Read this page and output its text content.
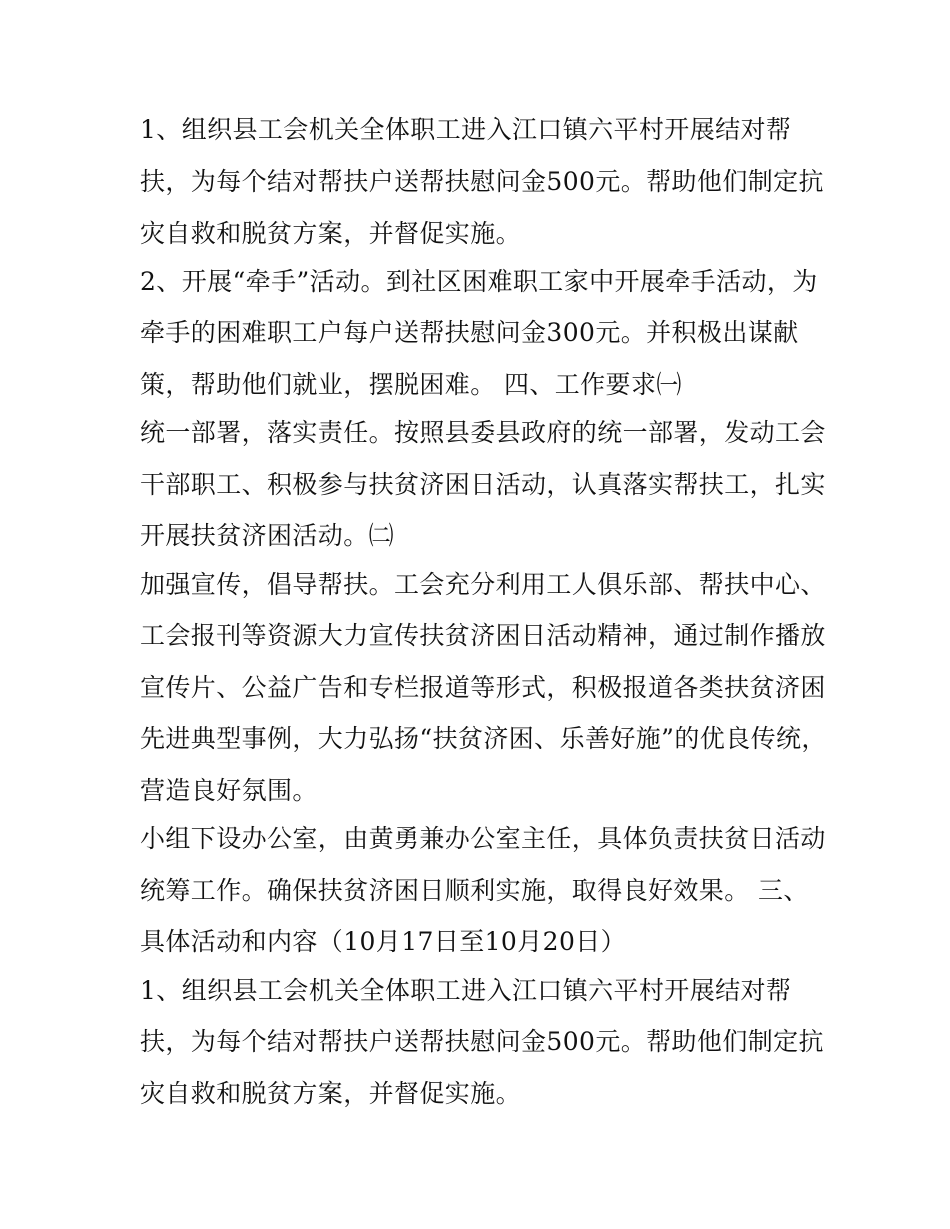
1、组织县工会机关全体职工进入江口镇六平村开展结对帮
扶，为每个结对帮扶户送帮扶慰问金500元。帮助他们制定抗
灾自救和脱贫方案，并督促实施。
2、开展“牵手”活动。到社区困难职工家中开展牵手活动，为
牵手的困难职工户每户送帮扶慰问金300元。并积极出谋献
策，帮助他们就业，摆脱困难。 四、工作要求㈠
统一部署，落实责任。按照县委县政府的统一部署，发动工会
干部职工、积极参与扶贫济困日活动，认真落实帮扶工，扎实
开展扶贫济困活动。㈡
加强宣传，倡导帮扶。工会充分利用工人俱乐部、帮扶中心、
工会报刊等资源大力宣传扶贫济困日活动精神，通过制作播放
宣传片、公益广告和专栏报道等形式，积极报道各类扶贫济困
先进典型事例，大力弘扬“扶贫济困、乐善好施”的优良传统，
营造良好氛围。
小组下设办公室，由黄勇兼办公室主任，具体负责扶贫日活动
统筹工作。确保扶贫济困日顺利实施，取得良好效果。 三、
具体活动和内容（10月17日至10月20日）
1、组织县工会机关全体职工进入江口镇六平村开展结对帮
扶，为每个结对帮扶户送帮扶慰问金500元。帮助他们制定抗
灾自救和脱贫方案，并督促实施。
